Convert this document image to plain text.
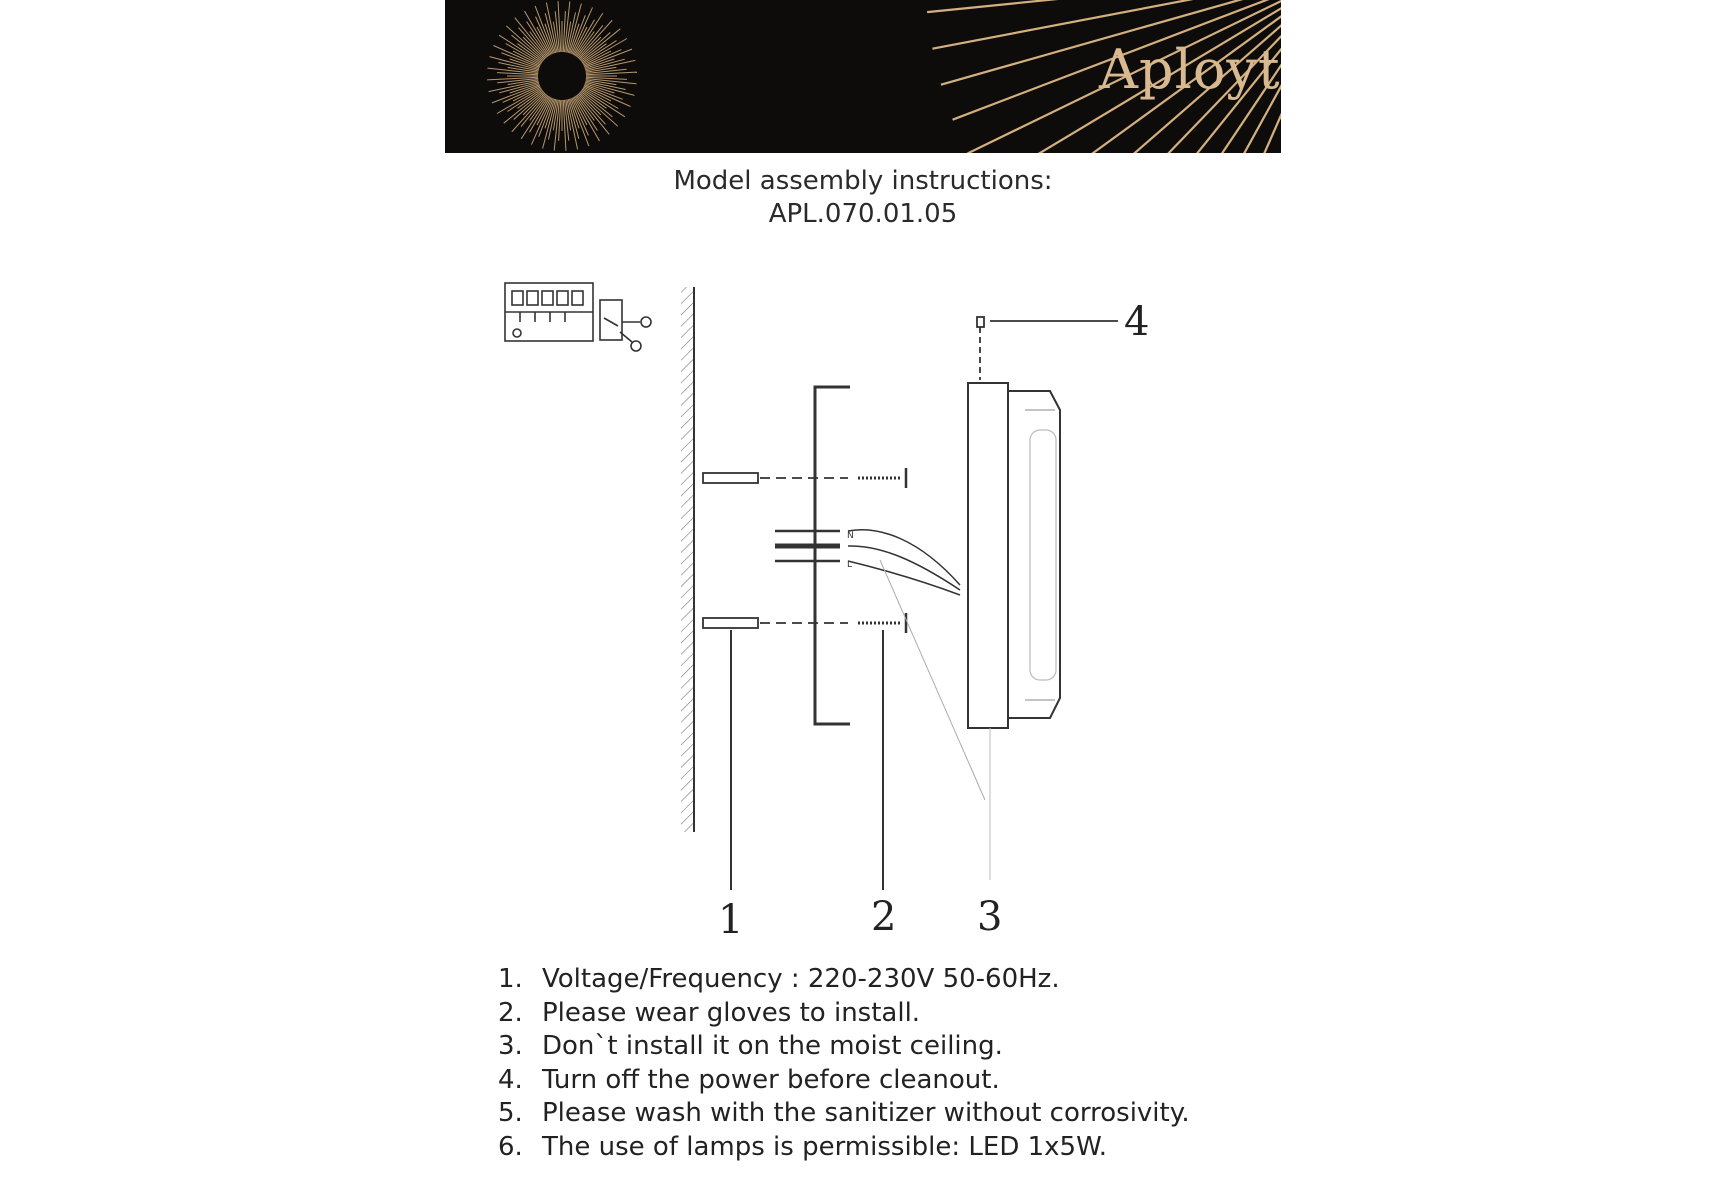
Aployt
Model assembly instructions:
APL.070.01.05
N
L
1	2 3
4
1. Voltage/Frequency : 220-230V 50-60Hz.
2. Please wear gloves to install.
3. Don`t install it on the moist ceiling.
4. Turn off the power before cleanout.
5. Please wash with the sanitizer without corrosivity.
6. The use of lamps is permissible: LED 1x5W.
